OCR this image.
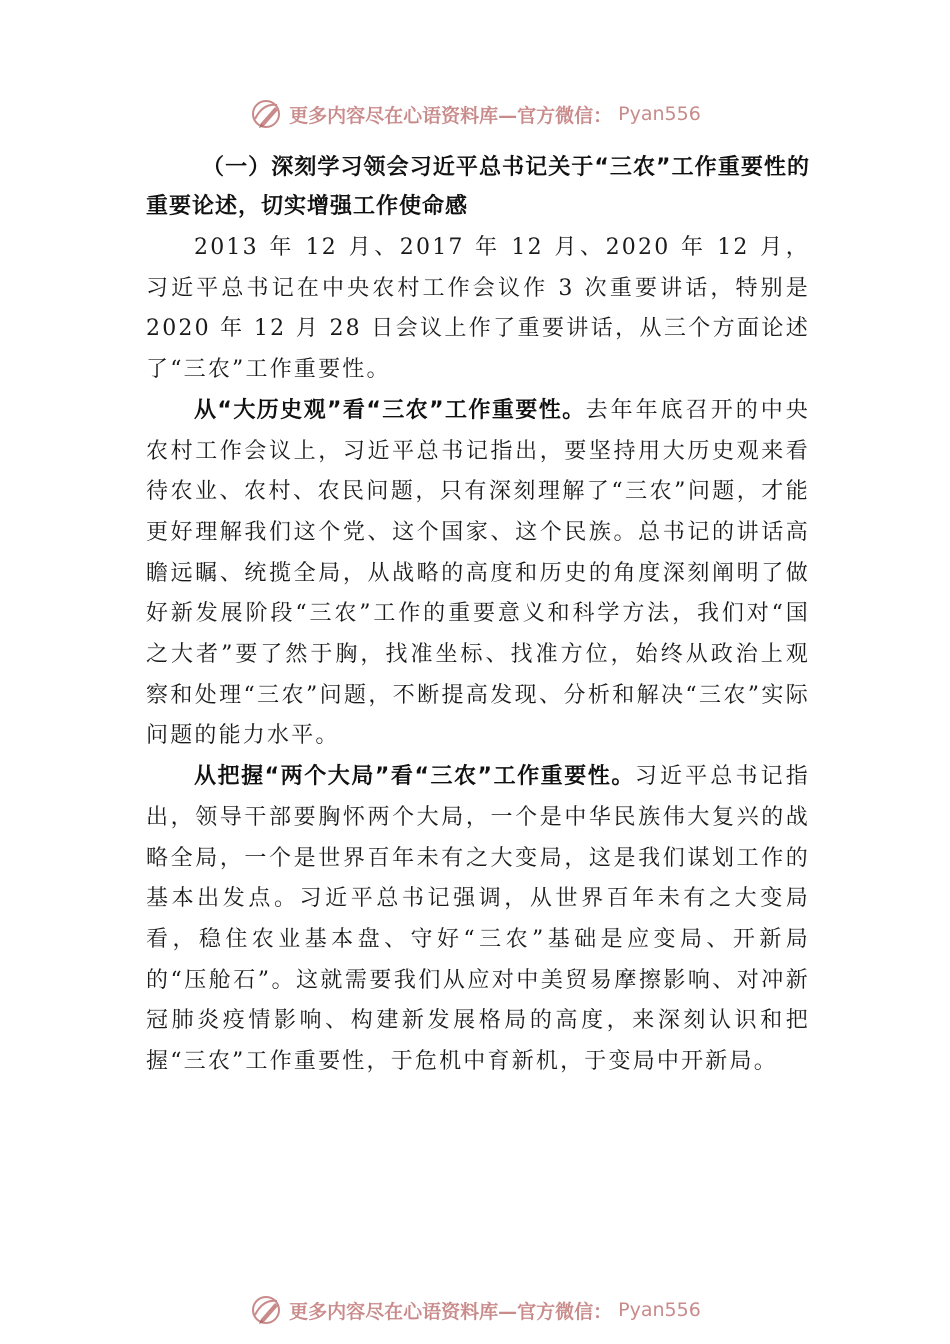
更多内容尽在心语资料库—官方微信： Pyan556

（一）深刻学习领会习近平总书记关于“三农”工作重要性的重要论述，切实增强工作使命感

2013 年 12 月、2017 年 12 月、2020 年 12 月，习近平总书记在中央农村工作会议作 3 次重要讲话，特别是 2020 年 12 月 28 日会议上作了重要讲话，从三个方面论述了“三农”工作重要性。

从“大历史观”看“三农”工作重要性。去年年底召开的中央农村工作会议上，习近平总书记指出，要坚持用大历史观来看待农业、农村、农民问题，只有深刻理解了“三农”问题，才能更好理解我们这个党、这个国家、这个民族。总书记的讲话高瞻远瞩、统揽全局，从战略的高度和历史的角度深刻阐明了做好新发展阶段“三农”工作的重要意义和科学方法，我们对“国之大者”要了然于胸，找准坐标、找准方位，始终从政治上观察和处理“三农”问题，不断提高发现、分析和解决“三农”实际问题的能力水平。

从把握“两个大局”看“三农”工作重要性。习近平总书记指出，领导干部要胸怀两个大局，一个是中华民族伟大复兴的战略全局，一个是世界百年未有之大变局，这是我们谋划工作的基本出发点。习近平总书记强调，从世界百年未有之大变局看，稳住农业基本盘、守好“三农”基础是应变局、开新局的“压舱石”。这就需要我们从应对中美贸易摩擦影响、对冲新冠肺炎疫情影响、构建新发展格局的高度，来深刻认识和把握“三农”工作重要性，于危机中育新机，于变局中开新局。

更多内容尽在心语资料库—官方微信： Pyan556
